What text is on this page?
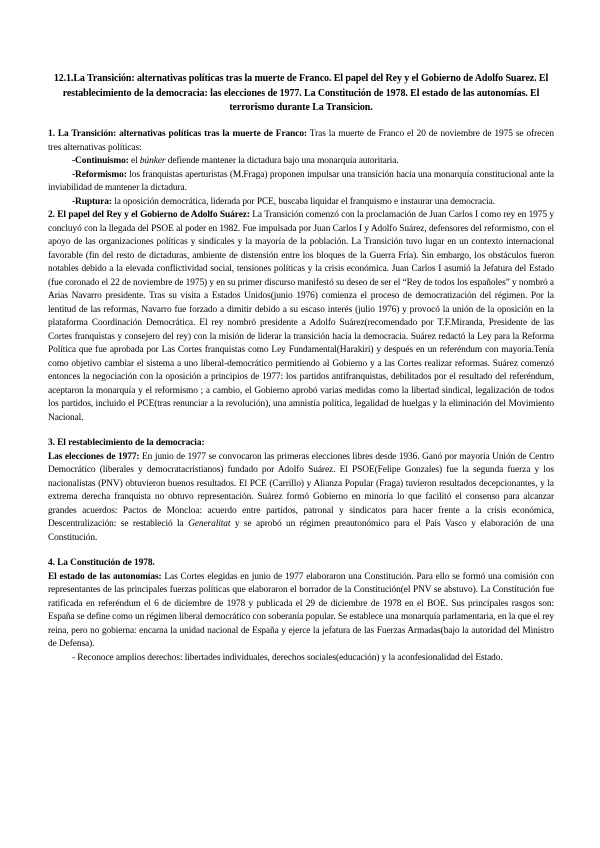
12.1.La Transición: alternativas políticas tras la muerte de Franco. El papel del Rey y el Gobierno de Adolfo Suarez. El restablecimiento de la democracia: las elecciones de 1977. La Constitución de 1978. El estado de las autonomías. El terrorismo durante La Transicion.

1. La Transición: alternativas políticas tras la muerte de Franco: Tras la muerte de Franco el 20 de noviembre de 1975 se ofrecen tres alternativas políticas:

-Continuismo: el búnker defiende mantener la dictadura bajo una monarquía autoritaria.

-Reformismo: los franquistas aperturistas (M.Fraga) proponen impulsar una transición hacia una monarquía constitucional ante la inviabilidad de mantener la dictadura.

-Ruptura: la oposición democrática, liderada por PCE, buscaba liquidar el franquismo e instaurar una democracia.

2. El papel del Rey y el Gobierno de Adolfo Suárez: La Transición comenzó con la proclamación de Juan Carlos I como rey en 1975 y concluyó con la llegada del PSOE al poder en 1982. Fue impulsada por Juan Carlos I y Adolfo Suárez, defensores del reformismo, con el apoyo de las organizaciones políticas y sindicales y la mayoría de la población. La Transición tuvo lugar en un contexto internacional favorable (fin del resto de dictaduras, ambiente de distensión entre los bloques de la Guerra Fría). Sin embargo, los obstáculos fueron notables debido a la elevada conflictividad social, tensiones políticas y la crisis económica. Juan Carlos I asumió la Jefatura del Estado (fue coronado el 22 de noviembre de 1975) y en su primer discurso manifestó su deseo de ser el “Rey de todos los españoles” y nombró a Arias Navarro presidente. Tras su visita a Estados Unidos(junio 1976) comienza el proceso de democratización del régimen. Por la lentitud de las reformas, Navarro fue forzado a dimitir debido a su escaso interés (julio 1976) y provocó la unión de la oposición en la plataforma Coordinación Democrática. El rey nombró presidente a Adolfo Suárez(recomendado por T.F.Miranda, Presidente de las Cortes franquistas y consejero del rey) con la misión de liderar la transición hacia la democracia. Suárez redactó la Ley para la Reforma Política que fue aprobada por Las Cortes franquistas como Ley Fundamental(Harakiri) y después en un referéndum con mayoría.Tenía como objetivo cambiar el sistema a uno liberal-democrático permitiendo al Gobierno y a las Cortes realizar reformas. Suárez comenzó entonces la negociación con la oposición a principios de 1977: los partidos antifranquistas, debilitados por el resultado del referéndum, aceptaron la monarquía y el reformismo ; a cambio, el Gobierno aprobó varias medidas como la libertad sindical, legalización de todos los partidos, incluido el PCE(tras renunciar a la revolución), una amnistía política, legalidad de huelgas y la eliminación del Movimiento Nacional.

3. El restablecimiento de la democracia:

Las elecciones de 1977: En junio de 1977 se convocaron las primeras elecciones libres desde 1936. Ganó por mayoría Unión de Centro Democrático (liberales y democratacristianos) fundado por Adolfo Suárez. El PSOE(Felipe Gonzales) fue la segunda fuerza y los nacionalistas (PNV) obtuvieron buenos resultados. El PCE (Carrillo) y Alianza Popular (Fraga) tuvieron resultados decepcionantes, y la extrema derecha franquista no obtuvo representación. Suárez formó Gobierno en minoría lo que facilitó el consenso para alcanzar grandes acuerdos: Pactos de Moncloa: acuerdo entre partidos, patronal y sindicatos para hacer frente a la crisis económica, Descentralización: se restableció la Generalitat y se aprobó un régimen preautonómico para el País Vasco y elaboración de una Constitución.

4. La Constitución de 1978.

El estado de las autonomías: Las Cortes elegidas en junio de 1977 elaboraron una Constitución. Para ello se formó una comisión con representantes de las principales fuerzas políticas que elaboraron el borrador de la Constitución(el PNV se abstuvo). La Constitución fue ratificada en referéndum el 6 de diciembre de 1978 y publicada el 29 de diciembre de 1978 en el BOE. Sus principales rasgos son: España se define como un régimen liberal democrático con soberanía popular. Se establece una monarquía parlamentaria, en la que el rey reina, pero no gobierna: encarna la unidad nacional de España y ejerce la jefatura de las Fuerzas Armadas(bajo la autoridad del Ministro de Defensa).

- Reconoce amplios derechos: libertades individuales, derechos sociales(educación) y la aconfesionalidad del Estado.
